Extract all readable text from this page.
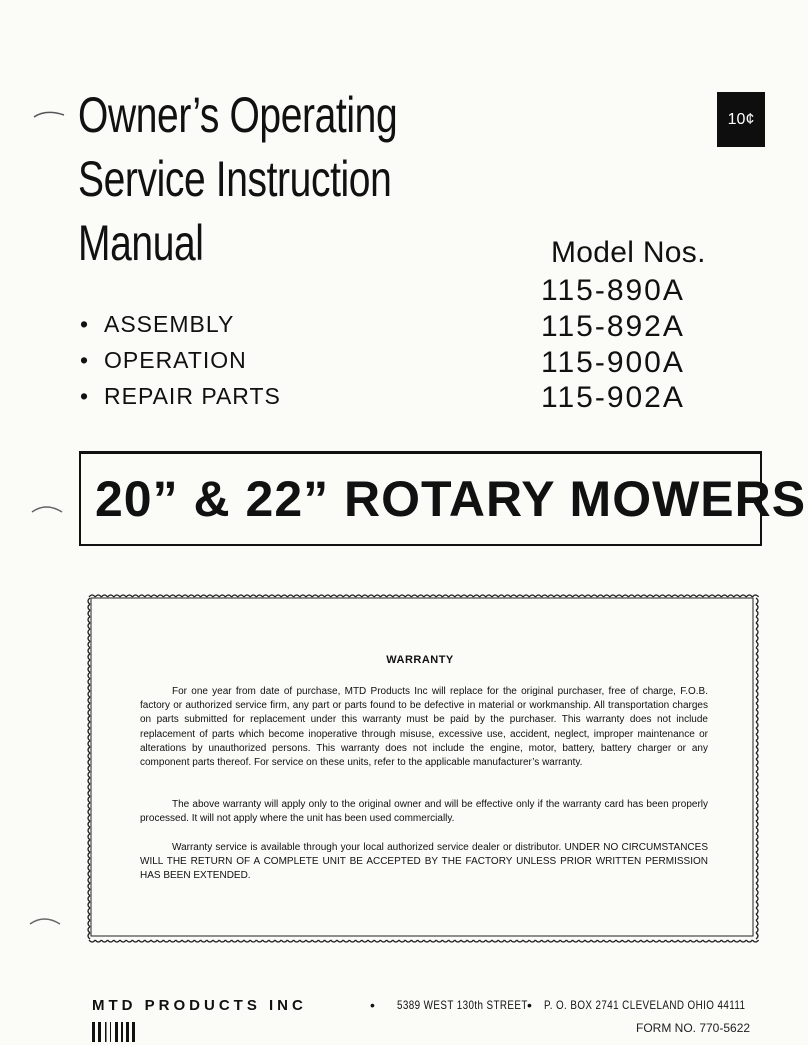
Owner’s Operating
Service Instruction
Manual
10¢
Model Nos.
115-890A
115-892A
115-900A
115-902A
• ASSEMBLY
• OPERATION
• REPAIR PARTS
20” & 22” ROTARY MOWERS
WARRANTY
For one year from date of purchase, MTD Products Inc will replace for the original purchaser, free of charge, F.O.B. factory or authorized service firm, any part or parts found to be defective in material or workmanship. All transportation charges on parts submitted for replacement under this warranty must be paid by the purchaser. This warranty does not include replacement of parts which become inoperative through misuse, excessive use, accident, neglect, improper maintenance or alterations by unauthorized persons. This warranty does not include the engine, motor, battery, battery charger or any component parts thereof. For service on these units, refer to the applicable manufacturer’s warranty.
The above warranty will apply only to the original owner and will be effective only if the warranty card has been properly processed. It will not apply where the unit has been used commercially.
Warranty service is available through your local authorized service dealer or distributor. UNDER NO CIRCUMSTANCES WILL THE RETURN OF A COMPLETE UNIT BE ACCEPTED BY THE FACTORY UNLESS PRIOR WRITTEN PERMISSION HAS BEEN EXTENDED.
MTD PRODUCTS INC	• 5389 WEST 130th STREET • P. O. BOX 2741 CLEVELAND OHIO 44111
FORM NO. 770-5622
